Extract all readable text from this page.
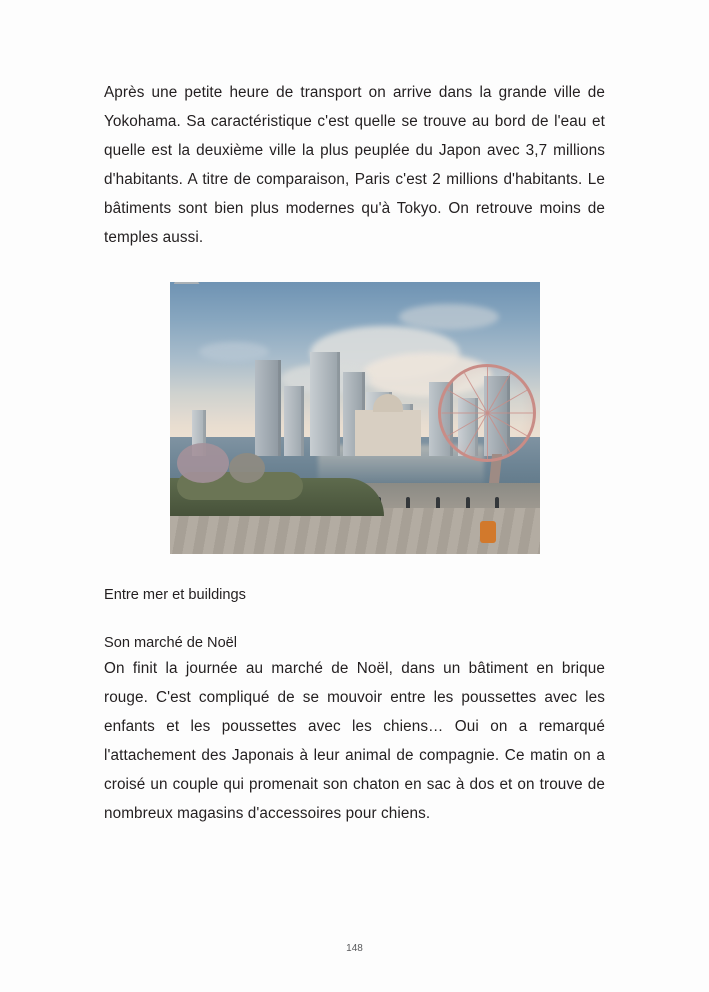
Après une petite heure de transport on arrive dans la grande ville de Yokohama. Sa caractéristique c'est quelle se trouve au bord de l'eau et quelle est la deuxième ville la plus peuplée du Japon avec 3,7 millions d'habitants. A titre de comparaison, Paris c'est 2 millions d'habitants. Le bâtiments sont bien plus modernes qu'à Tokyo. On retrouve moins de temples aussi.

Entre mer et buildings

Son marché de Noël

On finit la journée au marché de Noël, dans un bâtiment en brique rouge. C'est compliqué de se mouvoir entre les poussettes avec les enfants et les poussettes avec les chiens… Oui on a remarqué l'attachement des Japonais à leur animal de compagnie. Ce matin on a croisé un couple qui promenait son chaton en sac à dos et on trouve de nombreux magasins d'accessoires pour chiens.

148
